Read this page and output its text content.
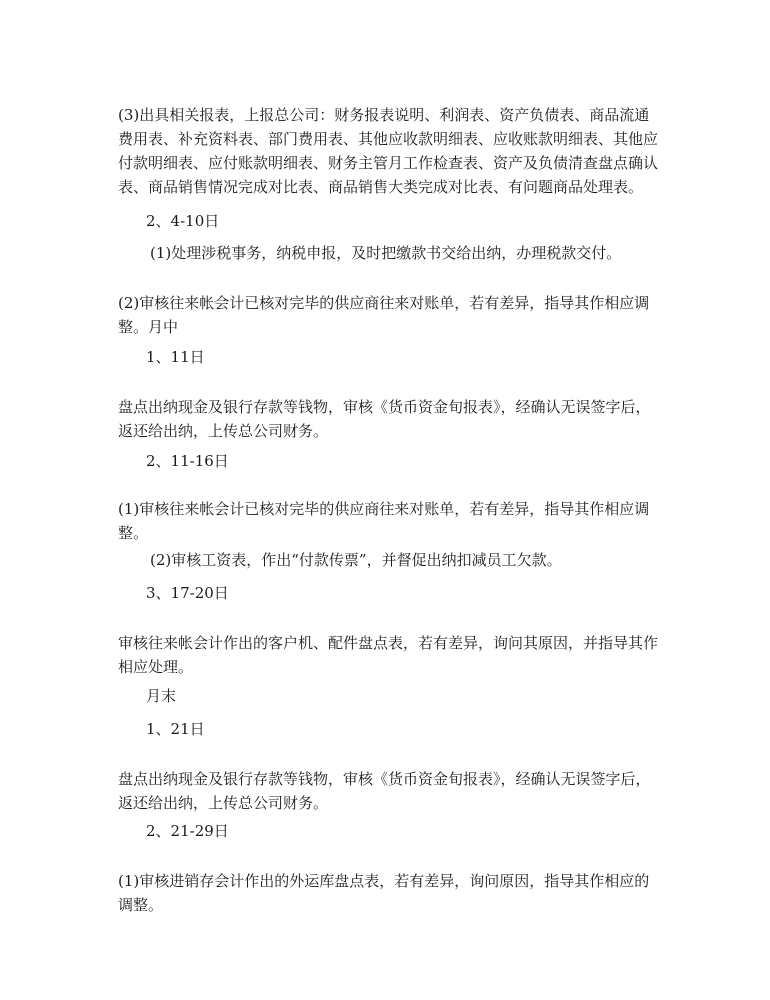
(3)出具相关报表，上报总公司：财务报表说明、利润表、资产负债表、商品流通费用表、补充资料表、部门费用表、其他应收款明细表、应收账款明细表、其他应付款明细表、应付账款明细表、财务主管月工作检查表、资产及负债清查盘点确认表、商品销售情况完成对比表、商品销售大类完成对比表、有问题商品处理表。

2、4-10日

(1)处理涉税事务，纳税申报，及时把缴款书交给出纳，办理税款交付。

(2)审核往来帐会计已核对完毕的供应商往来对账单，若有差异，指导其作相应调整。月中

1、11日

盘点出纳现金及银行存款等钱物，审核《货币资金旬报表》，经确认无误签字后，返还给出纳，上传总公司财务。

2、11-16日

(1)审核往来帐会计已核对完毕的供应商往来对账单，若有差异，指导其作相应调整。

(2)审核工资表，作出“付款传票”，并督促出纳扣减员工欠款。

3、17-20日

审核往来帐会计作出的客户机、配件盘点表，若有差异，询问其原因，并指导其作相应处理。

月末

1、21日

盘点出纳现金及银行存款等钱物，审核《货币资金旬报表》，经确认无误签字后，返还给出纳，上传总公司财务。

2、21-29日

(1)审核进销存会计作出的外运库盘点表，若有差异，询问原因，指导其作相应的调整。
